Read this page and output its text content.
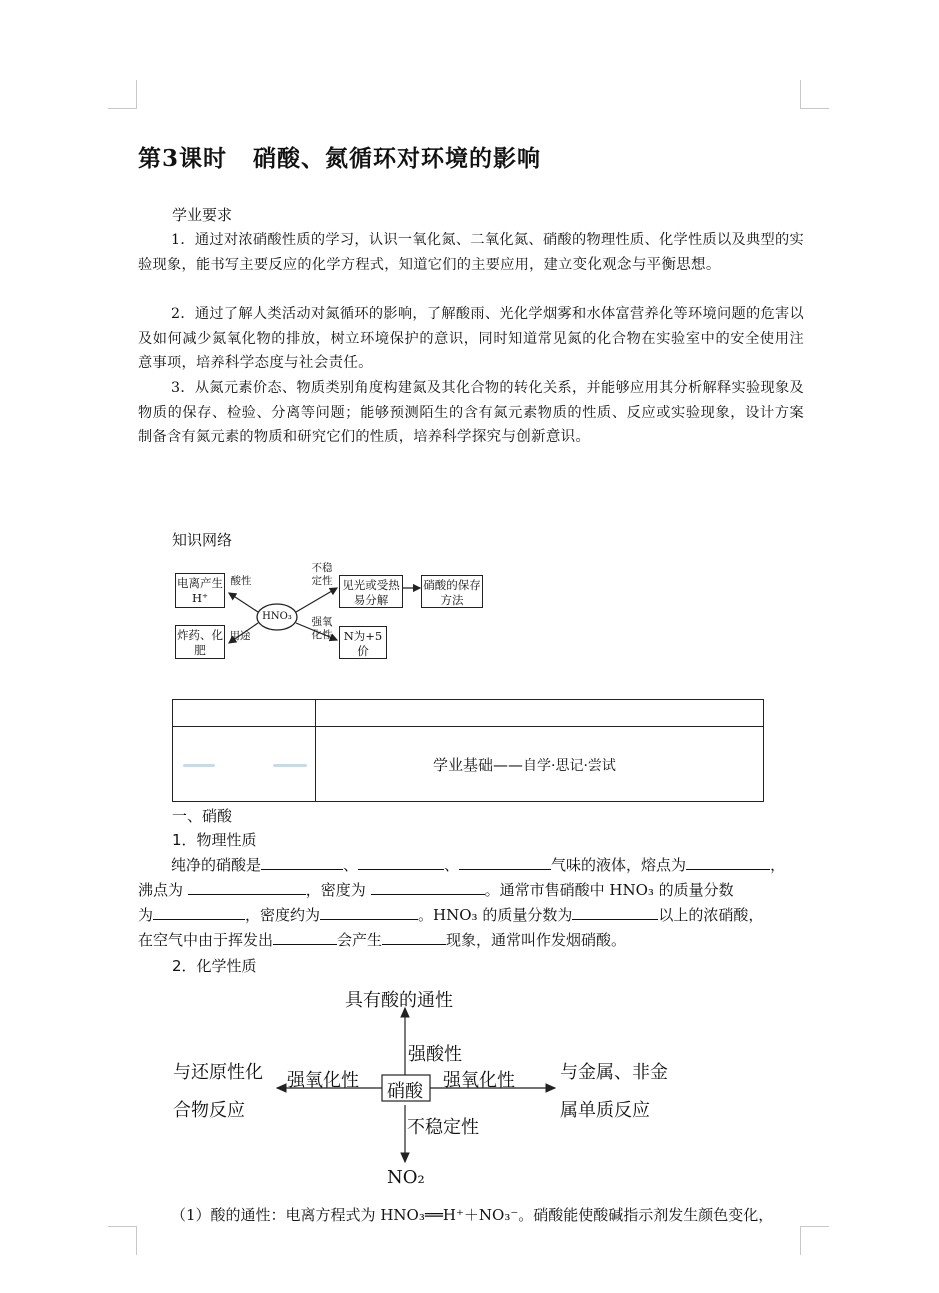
第3课时 硝酸、氮循环对环境的影响
学业要求

1．通过对浓硝酸性质的学习，认识一氧化氮、二氧化氮、硝酸的物理性质、化学性质以及典型的实验现象，能书写主要反应的化学方程式，知道它们的主要应用，建立变化观念与平衡思想。

2．通过了解人类活动对氮循环的影响，了解酸雨、光化学烟雾和水体富营养化等环境问题的危害以及如何减少氮氧化物的排放，树立环境保护的意识，同时知道常见氮的化合物在实验室中的安全使用注意事项，培养科学态度与社会责任。

3．从氮元素价态、物质类别角度构建氮及其化合物的转化关系，并能够应用其分析解释实验现象及物质的保存、检验、分离等问题；能够预测陌生的含有氮元素物质的性质、反应或实验现象，设计方案制备含有氮元素的物质和研究它们的性质，培养科学探究与创新意识。

知识网络
电离产生H⁺
酸性
炸药、化肥
用途
HNO₃
不稳定性 见光或受热易分解
硝酸的保存方法
强氧化性 N为+5价
学业基础——自学·思记·尝试
一、硝酸
1．物理性质
纯净的硝酸是	、	、	气味的液体，熔点为	，
沸点为	，密度为	。通常市售硝酸中 HNO₃ 的质量分数
为	，密度约为	。HNO₃ 的质量分数为	以上的浓硝酸，
在空气中由于挥发出	会产生	现象，通常叫作发烟硝酸。
2．化学性质
具有酸的通性
强酸性
与还原性化
合物反应
强氧化性
硝酸
强氧化性	与金属、非金
属单质反应
不稳定性
NO₂
（1）酸的通性：电离方程式为 HNO₃══H⁺＋NO₃⁻。硝酸能使酸碱指示剂发生颜色变化，
